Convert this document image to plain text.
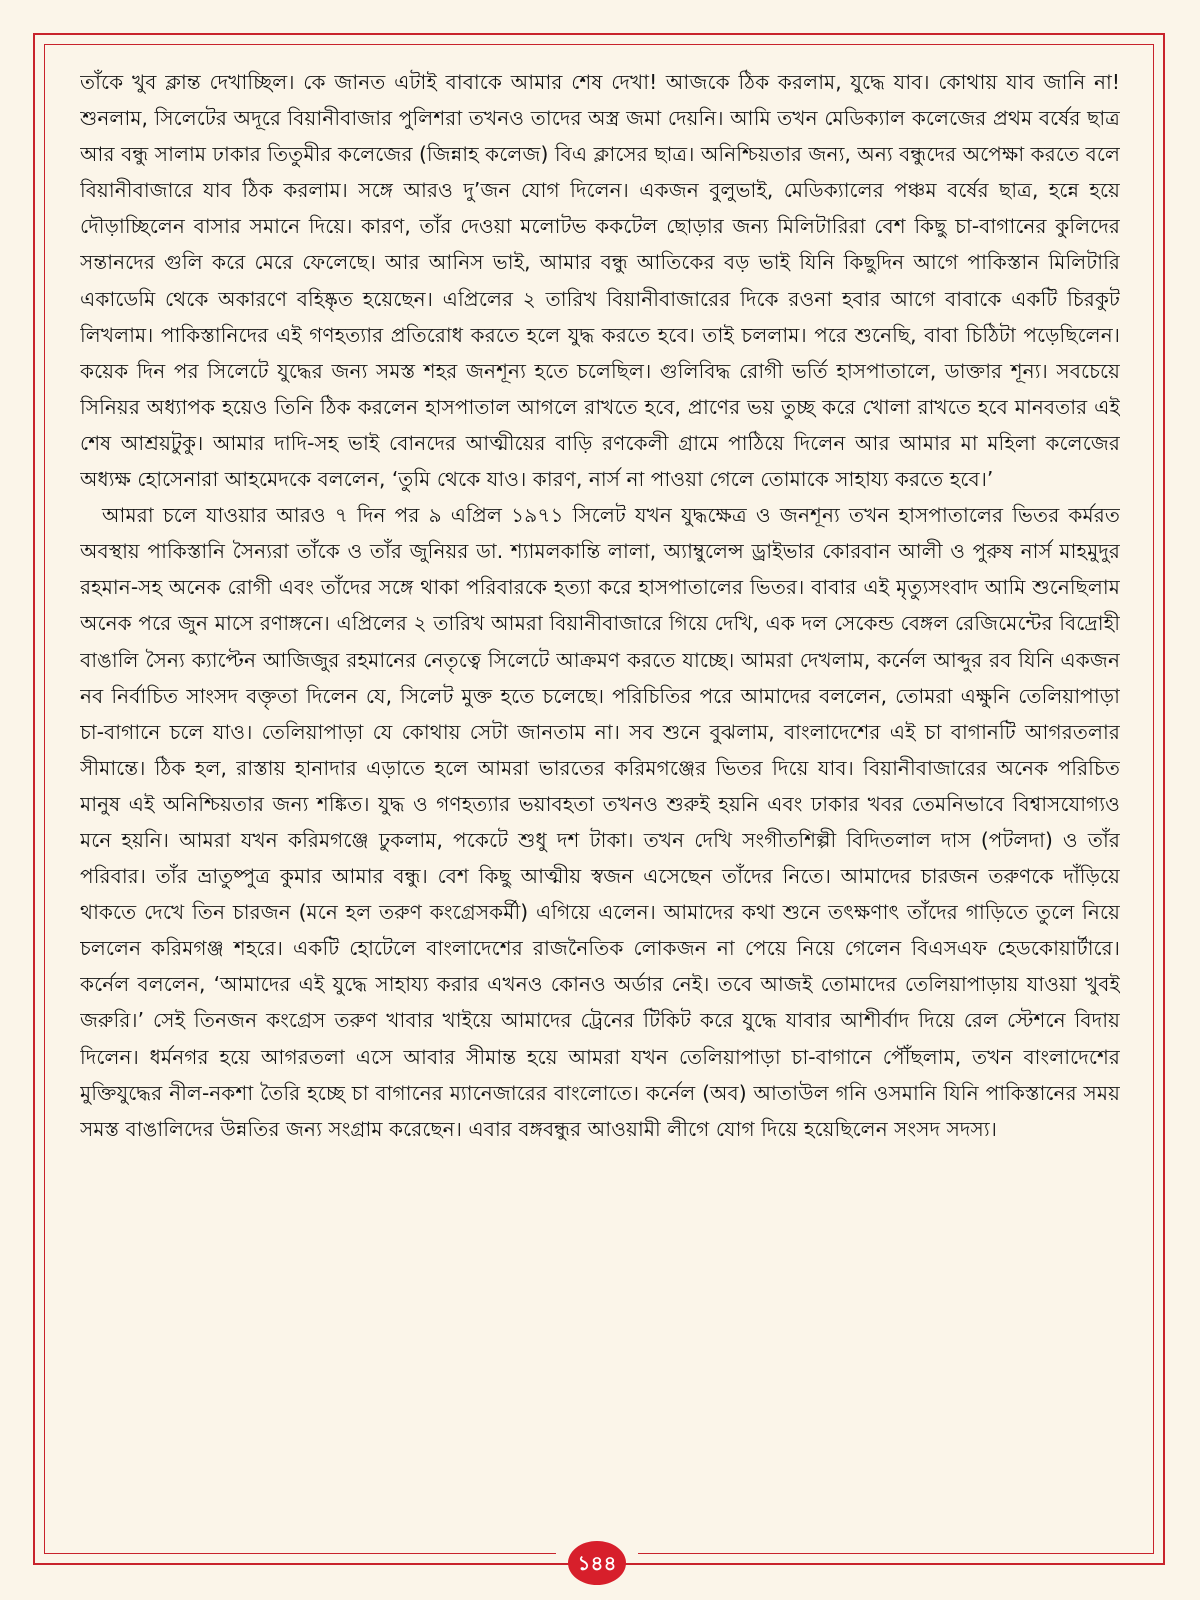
তাঁকে খুব ক্লান্ত দেখাচ্ছিল। কে জানত এটাই বাবাকে আমার শেষ দেখা! আজকে ঠিক করলাম, যুদ্ধে যাব। কোথায় যাব জানি না! শুনলাম, সিলেটের অদূরে বিয়ানীবাজার পুলিশরা তখনও তাদের অস্ত্র জমা দেয়নি। আমি তখন মেডিক্যাল কলেজের প্রথম বর্ষের ছাত্র আর বন্ধু সালাম ঢাকার তিতুমীর কলেজের (জিন্নাহ কলেজ) বিএ ক্লাসের ছাত্র। অনিশ্চিয়তার জন্য, অন্য বন্ধুদের অপেক্ষা করতে বলে বিয়ানীবাজারে যাব ঠিক করলাম। সঙ্গে আরও দু’জন যোগ দিলেন। একজন বুলুভাই, মেডিক্যালের পঞ্চম বর্ষের ছাত্র, হন্নে হয়ে দৌড়াচ্ছিলেন বাসার সমানে দিয়ে। কারণ, তাঁর দেওয়া মলোটভ ককটেল ছোড়ার জন্য মিলিটারিরা বেশ কিছু চা-বাগানের কুলিদের সন্তানদের গুলি করে মেরে ফেলেছে। আর আনিস ভাই, আমার বন্ধু আতিকের বড় ভাই যিনি কিছুদিন আগে পাকিস্তান মিলিটারি একাডেমি থেকে অকারণে বহিষ্কৃত হয়েছেন। এপ্রিলের ২ তারিখ বিয়ানীবাজারের দিকে রওনা হবার আগে বাবাকে একটি চিরকুট লিখলাম। পাকিস্তানিদের এই গণহত্যার প্রতিরোধ করতে হলে যুদ্ধ করতে হবে। তাই চললাম। পরে শুনেছি, বাবা চিঠিটা পড়েছিলেন। কয়েক দিন পর সিলেটে যুদ্ধের জন্য সমস্ত শহর জনশূন্য হতে চলেছিল। গুলিবিদ্ধ রোগী ভর্তি হাসপাতালে, ডাক্তার শূন্য। সবচেয়ে সিনিয়র অধ্যাপক হয়েও তিনি ঠিক করলেন হাসপাতাল আগলে রাখতে হবে, প্রাণের ভয় তুচ্ছ করে খোলা রাখতে হবে মানবতার এই শেষ আশ্রয়টুকু। আমার দাদি-সহ ভাই বোনদের আত্মীয়ের বাড়ি রণকেলী গ্রামে পাঠিয়ে দিলেন আর আমার মা মহিলা কলেজের অধ্যক্ষ হোসেনারা আহমেদকে বললেন, ‘তুমি থেকে যাও। কারণ, নার্স না পাওয়া গেলে তোমাকে সাহায্য করতে হবে।’

আমরা চলে যাওয়ার আরও ৭ দিন পর ৯ এপ্রিল ১৯৭১ সিলেট যখন যুদ্ধক্ষেত্র ও জনশূন্য তখন হাসপাতালের ভিতর কর্মরত অবস্থায় পাকিস্তানি সৈন্যরা তাঁকে ও তাঁর জুনিয়র ডা. শ্যামলকান্তি লালা, অ্যাম্বুলেন্স ড্রাইভার কোরবান আলী ও পুরুষ নার্স মাহমুদুর রহমান-সহ অনেক রোগী এবং তাঁদের সঙ্গে থাকা পরিবারকে হত্যা করে হাসপাতালের ভিতর। বাবার এই মৃত্যুসংবাদ আমি শুনেছিলাম অনেক পরে জুন মাসে রণাঙ্গনে। এপ্রিলের ২ তারিখ আমরা বিয়ানীবাজারে গিয়ে দেখি, এক দল সেকেন্ড বেঙ্গল রেজিমেন্টের বিদ্রোহী বাঙালি সৈন্য ক্যাপ্টেন আজিজুর রহমানের নেতৃত্বে সিলেটে আক্রমণ করতে যাচ্ছে। আমরা দেখলাম, কর্নেল আব্দুর রব যিনি একজন নব নির্বাচিত সাংসদ বক্তৃতা দিলেন যে, সিলেট মুক্ত হতে চলেছে। পরিচিতির পরে আমাদের বললেন, তোমরা এক্ষুনি তেলিয়াপাড়া চা-বাগানে চলে যাও। তেলিয়াপাড়া যে কোথায় সেটা জানতাম না। সব শুনে বুঝলাম, বাংলাদেশের এই চা বাগানটি আগরতলার সীমান্তে। ঠিক হল, রাস্তায় হানাদার এড়াতে হলে আমরা ভারতের করিমগঞ্জের ভিতর দিয়ে যাব। বিয়ানীবাজারের অনেক পরিচিত মানুষ এই অনিশ্চিয়তার জন্য শঙ্কিত। যুদ্ধ ও গণহত্যার ভয়াবহতা তখনও শুরুই হয়নি এবং ঢাকার খবর তেমনিভাবে বিশ্বাসযোগ্যও মনে হয়নি। আমরা যখন করিমগঞ্জে ঢুকলাম, পকেটে শুধু দশ টাকা। তখন দেখি সংগীতশিল্পী বিদিতলাল দাস (পটলদা) ও তাঁর পরিবার। তাঁর ভ্রাতুষ্পুত্র কুমার আমার বন্ধু। বেশ কিছু আত্মীয় স্বজন এসেছেন তাঁদের নিতে। আমাদের চারজন তরুণকে দাঁড়িয়ে থাকতে দেখে তিন চারজন (মনে হল তরুণ কংগ্রেসকর্মী) এগিয়ে এলেন। আমাদের কথা শুনে তৎক্ষণাৎ তাঁদের গাড়িতে তুলে নিয়ে চললেন করিমগঞ্জ শহরে। একটি হোটেলে বাংলাদেশের রাজনৈতিক লোকজন না পেয়ে নিয়ে গেলেন বিএসএফ হেডকোয়ার্টারে। কর্নেল বললেন, ‘আমাদের এই যুদ্ধে সাহায্য করার এখনও কোনও অর্ডার নেই। তবে আজই তোমাদের তেলিয়াপাড়ায় যাওয়া খুবই জরুরি।’ সেই তিনজন কংগ্রেস তরুণ খাবার খাইয়ে আমাদের ট্রেনের টিকিট করে যুদ্ধে যাবার আশীর্বাদ দিয়ে রেল স্টেশনে বিদায় দিলেন। ধর্মনগর হয়ে আগরতলা এসে আবার সীমান্ত হয়ে আমরা যখন তেলিয়াপাড়া চা-বাগানে পৌঁছলাম, তখন বাংলাদেশের মুক্তিযুদ্ধের নীল-নকশা তৈরি হচ্ছে চা বাগানের ম্যানেজারের বাংলোতে। কর্নেল (অব) আতাউল গনি ওসমানি যিনি পাকিস্তানের সময় সমস্ত বাঙালিদের উন্নতির জন্য সংগ্রাম করেছেন। এবার বঙ্গবন্ধুর আওয়ামী লীগে যোগ দিয়ে হয়েছিলেন সংসদ সদস্য।

১৪৪
